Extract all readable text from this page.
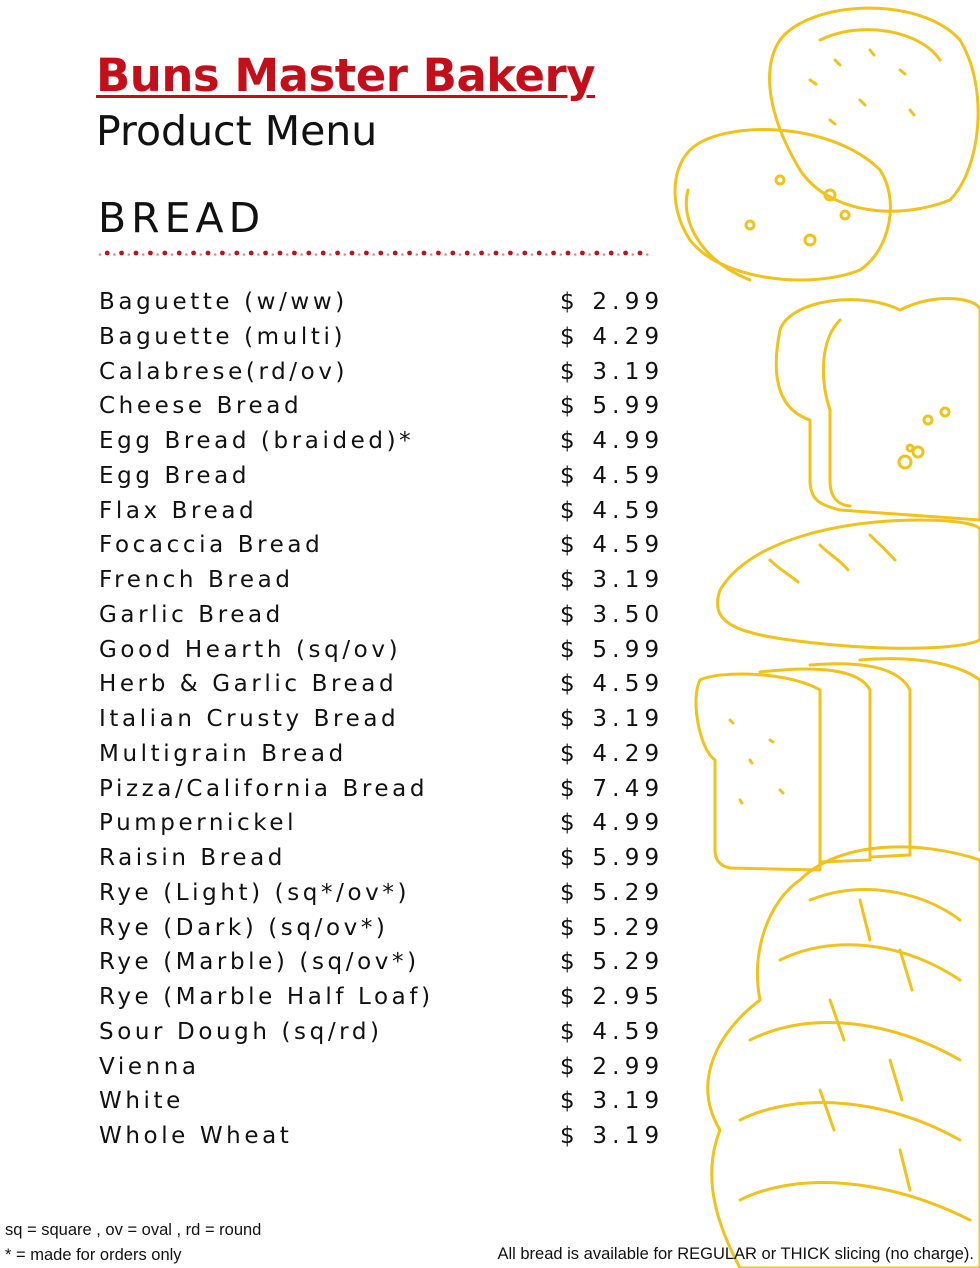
Buns Master Bakery
Product Menu
BREAD
Baguette (w/ww)	$ 2.99
Baguette (multi)	$ 4.29
Calabrese(rd/ov)	$ 3.19
Cheese Bread	$ 5.99
Egg Bread (braided)*	$ 4.99
Egg Bread	$ 4.59
Flax Bread	$ 4.59
Focaccia Bread	$ 4.59
French Bread	$ 3.19
Garlic Bread	$ 3.50
Good Hearth (sq/ov)	$ 5.99
Herb & Garlic Bread	$ 4.59
Italian Crusty Bread	$ 3.19
Multigrain Bread	$ 4.29
Pizza/California Bread	$ 7.49
Pumpernickel	$ 4.99
Raisin Bread	$ 5.99
Rye (Light) (sq*/ov*)	$ 5.29
Rye (Dark) (sq/ov*)	$ 5.29
Rye (Marble) (sq/ov*)	$ 5.29
Rye (Marble Half Loaf)	$ 2.95
Sour Dough (sq/rd)	$ 4.59
Vienna	$ 2.99
White	$ 3.19
Whole Wheat	$ 3.19
sq = square , ov = oval , rd = round
* = made for orders only	All bread is available for REGULAR or THICK slicing (no charge).
